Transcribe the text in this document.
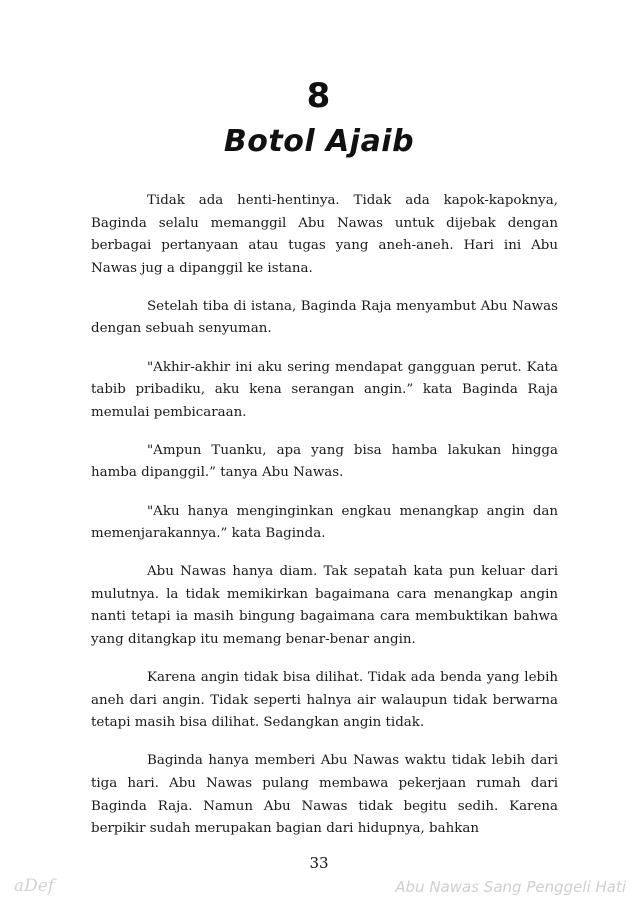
8
Botol Ajaib

Tidak ada henti-hentinya. Tidak ada kapok-kapoknya, Baginda selalu memanggil Abu Nawas untuk dijebak dengan berbagai pertanyaan atau tugas yang aneh-aneh. Hari ini Abu Nawas jug a dipanggil ke istana.

Setelah tiba di istana, Baginda Raja menyambut Abu Nawas dengan sebuah senyuman.

"Akhir-akhir ini aku sering mendapat gangguan perut. Kata tabib pribadiku, aku kena serangan angin.” kata Baginda Raja memulai pembicaraan.

"Ampun Tuanku, apa yang bisa hamba lakukan hingga hamba dipanggil.” tanya Abu Nawas.

"Aku hanya menginginkan engkau menangkap angin dan memenjarakannya.” kata Baginda.

Abu Nawas hanya diam. Tak sepatah kata pun keluar dari mulutnya. la tidak memikirkan bagaimana cara menangkap angin nanti tetapi ia masih bingung bagaimana cara membuktikan bahwa yang ditangkap itu memang benar-benar angin.

Karena angin tidak bisa dilihat. Tidak ada benda yang lebih aneh dari angin. Tidak seperti halnya air walaupun tidak berwarna tetapi masih bisa dilihat. Sedangkan angin tidak.

Baginda hanya memberi Abu Nawas waktu tidak lebih dari tiga hari. Abu Nawas pulang membawa pekerjaan rumah dari Baginda Raja. Namun Abu Nawas tidak begitu sedih. Karena berpikir sudah merupakan bagian dari hidupnya, bahkan

33
aDef	Abu Nawas Sang Penggeli Hati
